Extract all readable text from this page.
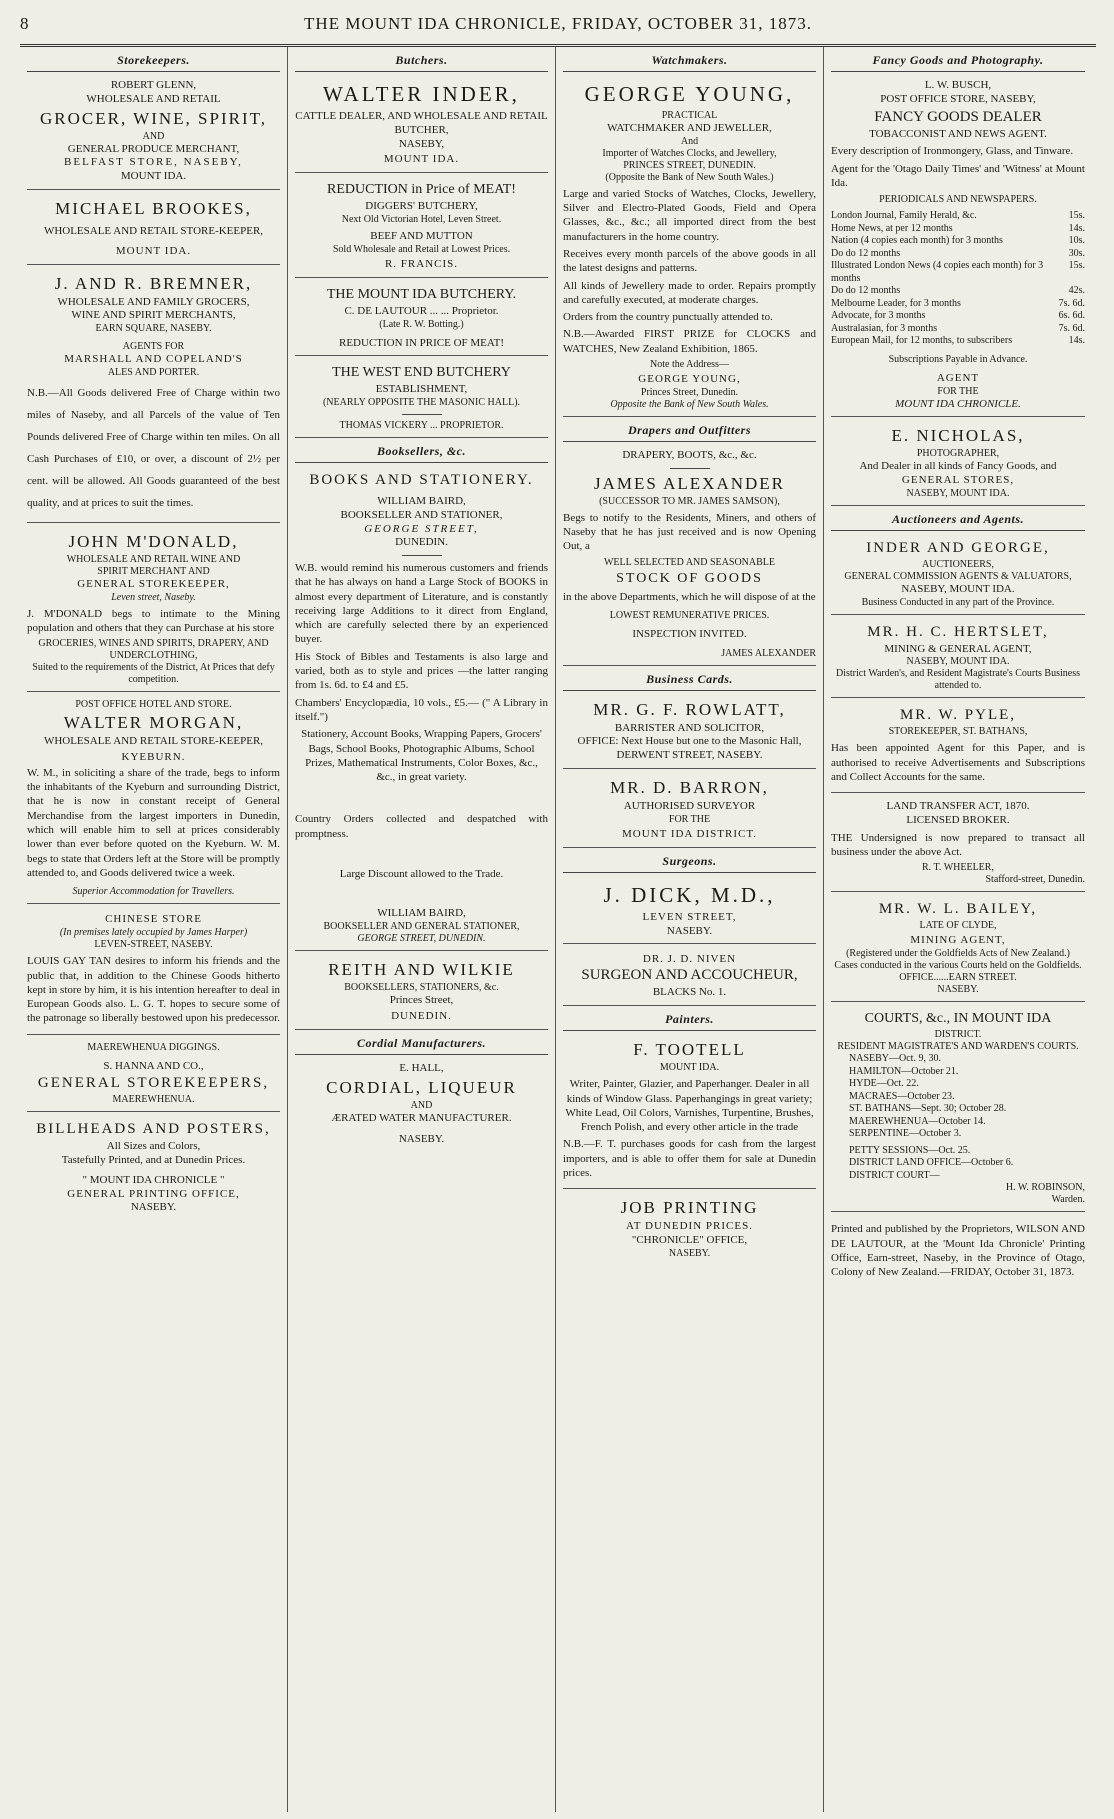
8	THE MOUNT IDA CHRONICLE, FRIDAY, OCTOBER 31, 1873.
Storekeepers.
ROBERT GLENN,
WHOLESALE AND RETAIL
GROCER, WINE, SPIRIT,
AND
GENERAL PRODUCE MERCHANT,
BELFAST STORE, NASEBY,
MOUNT IDA.
MICHAEL BROOKES,
WHOLESALE AND RETAIL STORE-KEEPER,
MOUNT IDA.
J. AND R. BREMNER,
WHOLESALE AND FAMILY GROCERS,
WINE AND SPIRIT MERCHANTS,
EARN SQUARE, NASEBY.
AGENTS FOR
MARSHALL AND COPELAND'S
ALES AND PORTER.
N.B.—All Goods delivered Free of Charge within two miles of Naseby, and all Parcels of the value of Ten Pounds delivered Free of Charge within ten miles. On all Cash Purchases of £10, or over, a discount of 2½ per cent. will be allowed. All Goods guaranteed of the best quality, and at prices to suit the times.
JOHN M'DONALD,
WHOLESALE AND RETAIL WINE AND
SPIRIT MERCHANT AND
GENERAL STOREKEEPER,
Leven street, Naseby.
J. M'DONALD begs to intimate to the Mining population and others that they can Purchase at his store
GROCERIES, WINES AND SPIRITS, DRAPERY, AND UNDERCLOTHING,
Suited to the requirements of the District, At Prices that defy competition.
POST OFFICE HOTEL AND STORE.
WALTER MORGAN,
WHOLESALE AND RETAIL STORE-KEEPER,
KYEBURN.
W. M., in soliciting a share of the trade, begs to inform the inhabitants of the Kyeburn and surrounding District, that he is now in constant receipt of General Merchandise from the largest importers in Dunedin, which will enable him to sell at prices considerably lower than ever before quoted on the Kyeburn. W. M. begs to state that Orders left at the Store will be promptly attended to, and Goods delivered twice a week.
Superior Accommodation for Travellers.
CHINESE STORE
(In premises lately occupied by James Harper)
LEVEN-STREET, NASEBY.
LOUIS GAY TAN desires to inform his friends and the public that, in addition to the Chinese Goods hitherto kept in store by him, it is his intention hereafter to deal in European Goods also. L. G. T. hopes to secure some of the patronage so liberally bestowed upon his predecessor.
MAEREWHENUA DIGGINGS.
S. HANNA AND CO.,
GENERAL STOREKEEPERS,
MAEREWHENUA.
BILLHEADS AND POSTERS,
All Sizes and Colors,
Tastefully Printed, and at Dunedin Prices.
" MOUNT IDA CHRONICLE "
GENERAL PRINTING OFFICE,
NASEBY.
Butchers.
WALTER INDER,
CATTLE DEALER, AND WHOLESALE AND RETAIL BUTCHER,
NASEBY,
MOUNT IDA.
REDUCTION in Price of MEAT!
DIGGERS' BUTCHERY,
Next Old Victorian Hotel, Leven Street.
BEEF AND MUTTON
Sold Wholesale and Retail at Lowest Prices.
R. FRANCIS.
THE MOUNT IDA BUTCHERY.
C. DE LAUTOUR ... ... Proprietor.
(Late R. W. Botting.)
REDUCTION IN PRICE OF MEAT!
THE WEST END BUTCHERY
ESTABLISHMENT,
(NEARLY OPPOSITE THE MASONIC HALL).
THOMAS VICKERY ... PROPRIETOR.
Booksellers, &c.
BOOKS AND STATIONERY.
WILLIAM BAIRD,
BOOKSELLER AND STATIONER,
GEORGE STREET,
DUNEDIN.
W.B. would remind his numerous customers and friends that he has always on hand a Large Stock of BOOKS in almost every department of Literature, and is constantly receiving large Additions to it direct from England, which are carefully selected there by an experienced buyer.
His Stock of Bibles and Testaments is also large and varied, both as to style and prices —the latter ranging from 1s. 6d. to £4 and £5.
Chambers' Encyclopædia, 10 vols., £5.— (" A Library in itself.")
Stationery, Account Books, Wrapping Papers, Grocers' Bags, School Books, Photographic Albums, School Prizes, Mathematical Instruments, Color Boxes, &c., &c., in great variety.
Country Orders collected and despatched with promptness.
Large Discount allowed to the Trade.
WILLIAM BAIRD,
BOOKSELLER AND GENERAL STATIONER,
GEORGE STREET, DUNEDIN.
REITH AND WILKIE
BOOKSELLERS, STATIONERS, &c.
Princes Street,
DUNEDIN.
Cordial Manufacturers.
E. HALL,
CORDIAL, LIQUEUR
AND
ÆRATED WATER MANUFACTURER.
NASEBY.
Watchmakers.
GEORGE YOUNG,
PRACTICAL
WATCHMAKER AND JEWELLER,
And
Importer of Watches Clocks, and Jewellery,
PRINCES STREET, DUNEDIN.
(Opposite the Bank of New South Wales.)
Large and varied Stocks of Watches, Clocks, Jewellery, Silver and Electro-Plated Goods, Field and Opera Glasses, &c., &c.; all imported direct from the best manufacturers in the home country.
Receives every month parcels of the above goods in all the latest designs and patterns.
All kinds of Jewellery made to order. Repairs promptly and carefully executed, at moderate charges.
Orders from the country punctually attended to.
N.B.—Awarded FIRST PRIZE for CLOCKS and WATCHES, New Zealand Exhibition, 1865.
Note the Address—
GEORGE YOUNG,
Princes Street, Dunedin.
Opposite the Bank of New South Wales.
Drapers and Outfitters
DRAPERY, BOOTS, &c., &c.
JAMES ALEXANDER
(SUCCESSOR TO MR. JAMES SAMSON),
Begs to notify to the Residents, Miners, and others of Naseby that he has just received and is now Opening Out, a
WELL SELECTED AND SEASONABLE
STOCK OF GOODS
in the above Departments, which he will dispose of at the
LOWEST REMUNERATIVE PRICES.
INSPECTION INVITED.
JAMES ALEXANDER
Business Cards.
MR. G. F. ROWLATT,
BARRISTER AND SOLICITOR,
OFFICE: Next House but one to the Masonic Hall,
DERWENT STREET, NASEBY.
MR. D. BARRON,
AUTHORISED SURVEYOR
FOR THE
MOUNT IDA DISTRICT.
Surgeons.
J. DICK, M.D.,
LEVEN STREET,
NASEBY.
DR. J. D. NIVEN
SURGEON AND ACCOUCHEUR,
BLACKS No. 1.
Painters.
F. TOOTELL
MOUNT IDA.
Writer, Painter, Glazier, and Paperhanger. Dealer in all kinds of Window Glass. Paperhangings in great variety; White Lead, Oil Colors, Varnishes, Turpentine, Brushes, French Polish, and every other article in the trade
N.B.—F. T. purchases goods for cash from the largest importers, and is able to offer them for sale at Dunedin prices.
JOB PRINTING
AT DUNEDIN PRICES.
"CHRONICLE" OFFICE,
NASEBY.
Fancy Goods and Photography.
L. W. BUSCH,
POST OFFICE STORE, NASEBY,
FANCY GOODS DEALER
TOBACCONIST AND NEWS AGENT.
Every description of Ironmongery, Glass, and Tinware.
Agent for the 'Otago Daily Times' and 'Witness' at Mount Ida.
PERIODICALS AND NEWSPAPERS.
London Journal, Family Herald, &c.	15s.
Home News, at per 12 months	14s.
Nation (4 copies each month) for 3 months	10s.
Do do 12 months	30s.
Illustrated London News (4 copies each month) for 3 months
15s.
Do do 12 months	42s.
Melbourne Leader, for 3 months	7s. 6d.
Advocate, for 3 months	6s. 6d.
Australasian, for 3 months	7s. 6d.
European Mail, for 12 months, to subscribers	14s.
Subscriptions Payable in Advance.
AGENT
FOR THE
MOUNT IDA CHRONICLE.
E. NICHOLAS,
PHOTOGRAPHER,
And Dealer in all kinds of Fancy Goods, and
GENERAL STORES,
NASEBY, MOUNT IDA.
Auctioneers and Agents.
INDER AND GEORGE,
AUCTIONEERS,
GENERAL COMMISSION AGENTS & VALUATORS,
NASEBY, MOUNT IDA.
Business Conducted in any part of the Province.
MR. H. C. HERTSLET,
MINING & GENERAL AGENT,
NASEBY, MOUNT IDA.
District Warden's, and Resident Magistrate's Courts Business attended to.
MR. W. PYLE,
STOREKEEPER, ST. BATHANS,
Has been appointed Agent for this Paper, and is authorised to receive Advertisements and Subscriptions and Collect Accounts for the same.
LAND TRANSFER ACT, 1870.
LICENSED BROKER.
THE Undersigned is now prepared to transact all business under the above Act.
R. T. WHEELER,
Stafford-street, Dunedin.
MR. W. L. BAILEY,
LATE OF CLYDE,
MINING AGENT,
(Registered under the Goldfields Acts of New Zealand.)
Cases conducted in the various Courts held on the Goldfields.
OFFICE......EARN STREET.
NASEBY.
COURTS, &c., IN MOUNT IDA
DISTRICT.
RESIDENT MAGISTRATE'S AND WARDEN'S COURTS.
NASEBY—Oct. 9, 30.
HAMILTON—October 21.
HYDE—Oct. 22.
MACRAES—October 23.
ST. BATHANS—Sept. 30; October 28.
MAEREWHENUA—October 14.
SERPENTINE—October 3.
PETTY SESSIONS—Oct. 25.
DISTRICT LAND OFFICE—October 6.
DISTRICT COURT—
H. W. ROBINSON,
Warden.
Printed and published by the Proprietors, WILSON AND DE LAUTOUR, at the 'Mount Ida Chronicle' Printing Office, Earn-street, Naseby, in the Province of Otago, Colony of New Zealand.—FRIDAY, October 31, 1873.
